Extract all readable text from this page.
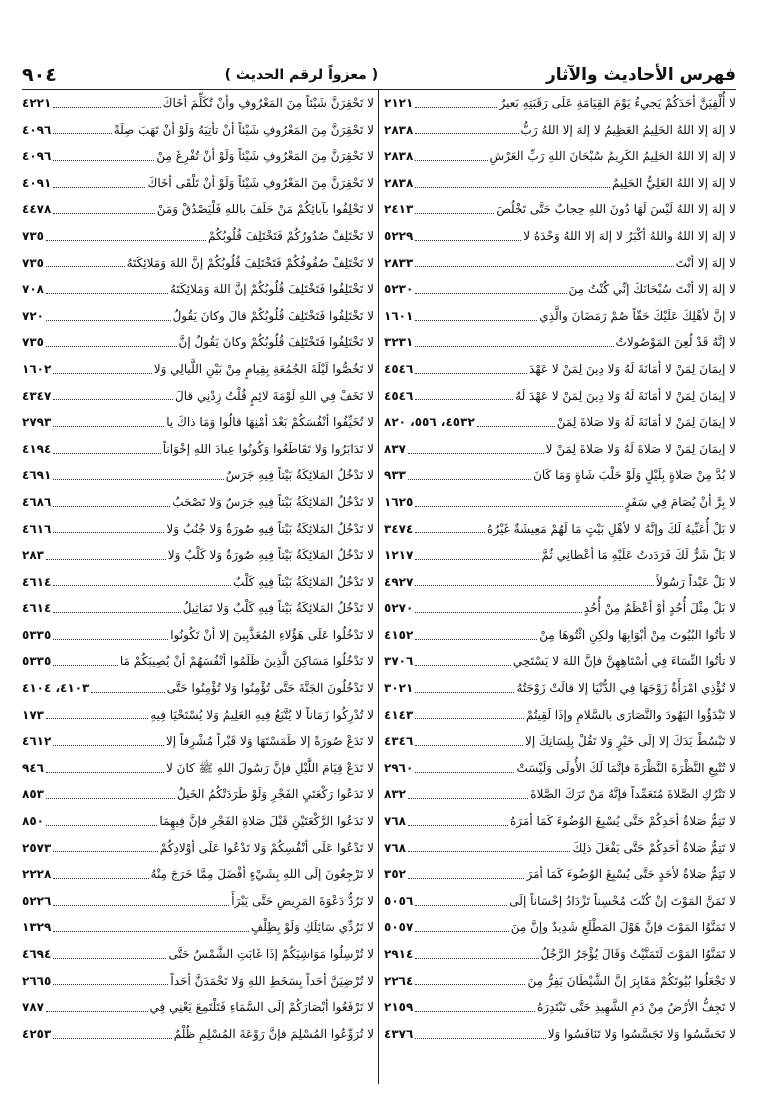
فهرس الأحاديث والآثار
( معزواً لرقم الحديث )
٩٠٤
لا أُلْفِيَنَّ أحَدَكُمْ يَجيءُ يَوْمَ القِيَامَةِ عَلَى رَقَبَتِهِ بَعيرٌ
٢١٢١
لا إلهَ إلا اللهُ الحَلِيمُ العَظِيمُ لا إلهَ إلا اللهُ رَبُّ
٢٨٣٨
لا إلهَ إلا اللهُ الحَلِيمُ الكَرِيمُ سُبْحَانَ اللهِ رَبِّ العَرْشِ
٢٨٣٨
لا إلهَ إلا اللهُ العَلِيُّ الحَلِيمُ
٢٨٣٨
لا إلهَ إلا اللهُ لَيْسَ لَهَا دُونَ اللهِ حِجابٌ حَتَّى تَخْلُصَ
٢٤١٣
لا إلهَ إلا اللهُ واللهُ أكْبَرُ لا إلهَ إلا اللهُ وَحْدَهُ لا
٥٢٢٩
لا إلهَ إلا أنْتَ
٢٨٣٣
لا إلهَ إلا أنْتَ سُبْحَانَكَ إنِّي كُنْتُ مِنَ
٥٢٣٠
لا إنَّ لأهْلِكَ عَلَيْكَ حَقّاً صُمْ رَمَضَانَ والَّذِي
١٦٠١
لا إنَّهُ قَدْ لُعِنَ المَوْصُولاتُ
٣٢٣١
لا إيمَانَ لِمَنْ لا أمَانَةَ لَهُ وَلا دِينَ لِمَنْ لا عَهْدَ
٤٥٤٦
لا إيمَانَ لِمَنْ لا أمَانَةَ لَهُ وَلا دِينَ لِمَنْ لا عَهْدَ لَهُ
٤٥٤٦
لا إيمَانَ لِمَنْ لا أمَانَةَ لَهُ وَلا صَلاةَ لِمَنْ
٤٥٣٢، ٥٥٦، ٨٢٠
لا إيمَانَ لِمَنْ لا صَلاةَ لَهُ وَلا صَلاةَ لِمَنْ لا
٨٣٧
لا بُدَّ مِنْ صَلاةٍ بِلَيْلٍ وَلَوْ حَلْبَ شَاةٍ وَمَا كَانَ
٩٣٣
لا بِرَّ أنْ يُصَامَ فِي سَفَرٍ
١٦٢٥
لا بَلْ أُعَبِّيهُ لَكَ وإنَّهُ لا لأهْلِ بَيْتٍ مَا لَهُمْ مَعِيشَةٌ غَيْرُهُ
٣٤٧٤
لا بَلْ شَرٌّ لَكَ فَرَدَدتُ عَلَيْهِ مَا أعْطانِي ثُمَّ
١٢١٧
لا بَلْ عَبْداً رَسُولاً
٤٩٢٧
لا بَلْ مِثْلَ أُحُدٍ أوْ أعْظَمُ مِنْ أُحُدٍ
٥٢٧٠
لا تأتُوا البُيُوتَ مِنْ أبْوَابِهَا ولكِنِ ائْتُوهَا مِنْ
٤١٥٢
لا تأتُوا النِّسَاءَ فِي أسْتَاهِهِنَّ فإنَّ اللهَ لا يَسْتَحِي
٣٧٠٦
لا تُؤْذِي امْرَأَةٌ زَوْجَهَا فِي الدُّنْيَا إلا قالَتْ زَوْجَتُهُ
٣٠٢١
لا تَبْدَؤُوا اليَهُودَ والنَّصَارَى بالسَّلامِ وإذَا لَقِيتُمْ
٤١٤٣
لا تَبْسُطْ يَدَكَ إلا إلَى خَيْرٍ وَلا تَقُلْ بِلِسَانِكَ إلا
٤٣٤٦
لا تُتْبِعِ النَّظْرَةَ النَّظْرَةَ فإنَّمَا لَكَ الأُولَى وَلَيْسَتْ
٢٩٦٠
لا تَتْرُكِ الصَّلاةَ مُتَعَمِّداً فإنَّهُ مَنْ تَرَكَ الصَّلاةَ
٨٣٢
لا تَتِمُّ صَلاةُ أحَدِكُمْ حَتَّى يُسْبِغَ الوُضُوءَ كَمَا أمَرَهُ
٧٦٨
لا تَتِمُّ صَلاةُ أحَدِكُمْ حَتَّى يَفْعَلَ ذلِكَ
٧٦٨
لا تَتِمُّ صَلاةٌ لأحَدٍ حَتَّى يُسْبِغَ الوُضُوءَ كَمَا أمَرَ
٣٥٢
لا تَمَنَّ المَوْتَ إنْ كُنْتَ مُحْسِناً تَزْدَادُ إحْسَاناً إلَى
٥٠٥٦
لا تَمَنَّوُا المَوْتَ فإنَّ هَوْلَ المَطْلَعِ شَدِيدٌ وإنَّ مِنَ
٥٠٥٧
لا تَمَنَّوُا المَوْتَ لَتَمَنَّيْتُ وَقَالَ يُؤْجَرُ الرَّجُلُ
٢٩١٤
لا تَجْعَلُوا بُيُوتَكُمْ مَقَابِرَ إنَّ الشَّيْطَانَ يَفِرُّ مِنَ
٢٢٦٤
لا تَجِفُّ الأرْضُ مِنْ دَمِ الشَّهِيدِ حَتَّى تَبْتَدِرَهُ
٢١٥٩
لا تَحَسَّسُوا وَلا تَجَسَّسُوا وَلا تَنَافَسُوا وَلا
٤٣٧٦
لا تَحْقِرَنَّ شَيْئاً مِنَ المَعْرُوفِ وأنْ تُكَلِّمَ أخَاكَ
٤٢٢١
لا تَحْقِرَنَّ مِنَ المَعْرُوفِ شَيْئاً أنْ تأتِيَهُ وَلَوْ أنْ تَهَبَ صِلَةً
٤٠٩٦
لا تَحْقِرَنَّ مِنَ المَعْرُوفِ شَيْئاً وَلَوْ أنْ تُفْرِغَ مِنْ
٤٠٩٦
لا تَحْقِرَنَّ مِنَ المَعْرُوفِ شَيْئاً وَلَوْ أنْ تَلْقَى أخَاكَ
٤٠٩١
لا تَحْلِفُوا بآبائِكُمْ مَنْ حَلَفَ باللهِ فَلْيَصْدُقْ وَمَنْ
٤٤٧٨
لا تَخْتَلِفْ صُدُورُكُمْ فَتَخْتَلِفَ قُلُوبُكُمْ
٧٣٥
لا تَخْتَلِفْ صُفُوفُكُمْ فَتَخْتَلِفَ قُلُوبُكُمْ إنَّ اللهَ وَمَلائِكَتَهُ
٧٣٥
لا تَخْتَلِفُوا فَتَخْتَلِفَ قُلُوبُكُمْ إنَّ اللهَ وَمَلائِكَتَهُ
٧٠٨
لا تَخْتَلِفُوا فَتَخْتَلِفَ قُلُوبُكُمْ قالَ وكانَ يَقُولُ
٧٢٠
لا تَخْتَلِفُوا فَتَخْتَلِفَ قُلُوبُكُمْ وكانَ يَقُولُ إنَّ
٧٣٥
لا تَخُصُّوا لَيْلَةَ الجُمُعَةِ بِقِيامٍ مِنْ بَيْنِ اللَّيالِي وَلا
١٦٠٢
لا تَخَفْ فِي اللهِ لَوْمَةَ لائِمٍ قُلْتُ زِدْنِي قالَ
٤٣٤٧
لا تُخَيِّفُوا أنْفُسَكُمْ بَعْدَ أمْنِهَا قالُوا وَمَا ذاكَ يا
٢٧٩٣
لا تَدَابَرُوا وَلا تَقَاطَعُوا وَكُونُوا عِبادَ اللهِ إخْوَاناً
٤١٩٤
لا تَدْخُلُ المَلائِكَةُ بَيْتاً فِيهِ جَرَسٌ
٤٦٩١
لا تَدْخُلُ المَلائِكَةُ بَيْتاً فِيهِ جَرَسٌ وَلا تَصْحَبُ
٤٦٨٦
لا تَدْخُلُ المَلائِكَةُ بَيْتاً فِيهِ صُورَةٌ وَلا جُنُبٌ وَلا
٤٦١٦
لا تَدْخُلُ المَلائِكَةُ بَيْتاً فِيهِ صُورَةٌ وَلا كَلْبٌ وَلا
٢٨٣
لا تَدْخُلُ المَلائِكَةُ بَيْتاً فِيهِ كَلْبٌ
٤٦١٤
لا تَدْخُلُ المَلائِكَةُ بَيْتاً فِيهِ كَلْبٌ وَلا تَمَاثِيلُ
٤٦١٤
لا تَدْخُلُوا عَلَى هَؤُلاءِ المُعَذَّبِينَ إلا أنْ تَكُونُوا
٥٣٣٥
لا تَدْخُلُوا مَسَاكِنَ الَّذِينَ ظَلَمُوا أنْفُسَهُمْ أنْ يُصِيبَكُمْ مَا
٥٣٣٥
لا تَدْخُلُونَ الجَنَّةَ حَتَّى تُؤْمِنُوا وَلا تُؤْمِنُوا حَتَّى
٤١٠٣، ٤١٠٤
لا تُدْرِكُوا زَمَاناً لا يُتَّبَعُ فِيهِ العَلِيمُ وَلا يُسْتَحْيَا فِيهِ
١٧٣
لا تَدَعْ صُورَةً إلا طَمَسْتَهَا وَلا قَبْراً مُشْرِفاً إلا
٤٦١٢
لا تَدَعْ قِيَامَ اللَّيْلِ فإنَّ رَسُولَ اللهِ ﷺ كانَ لا
٩٤٦
لا تَدَعُوا رَكْعَتَيِ الفَجْرِ وَلَوْ طَرَدَتْكُمُ الخَيلُ
٨٥٣
لا تَدَعُوا الرَّكْعَتَيْنِ قَبْلَ صَلاةِ الفَجْرِ فإنَّ فِيهِمَا
٨٥٠
لا تَدْعُوا عَلَى أنْفُسِكُمْ وَلا تَدْعُوا عَلَى أوْلادِكُمْ
٢٥٧٣
لا تَرْجِعُونَ إلَى اللهِ بِشَيْءٍ أفْضَلَ مِمَّا خَرَجَ مِنْهُ
٢٢٢٨
لا تَرُدُّ دَعْوَةَ المَرِيضِ حَتَّى يَبْرَأَ
٥٢٢٦
لا تَرُدِّي سَائِلَكِ وَلَوْ بِظِلْفٍ
١٣٢٩
لا تُرْسِلُوا مَوَاشِيَكُمْ إذَا غَابَتِ الشَّمْسُ حَتَّى
٤٦٩٤
لا تُرْضِيَنَّ أحَداً بِسَخَطِ اللهِ وَلا تَحْمَدَنَّ أحَداً
٢٦٦٥
لا تَرْفَعُوا أبْصَارَكُمْ إلَى السَّمَاءِ فَتَلْتَمِعَ يَعْنِي فِي
٧٨٧
لا تُرَوِّعُوا المُسْلِمَ فإنَّ رَوْعَةَ المُسْلِمِ ظُلْمٌ
٤٢٥٣
